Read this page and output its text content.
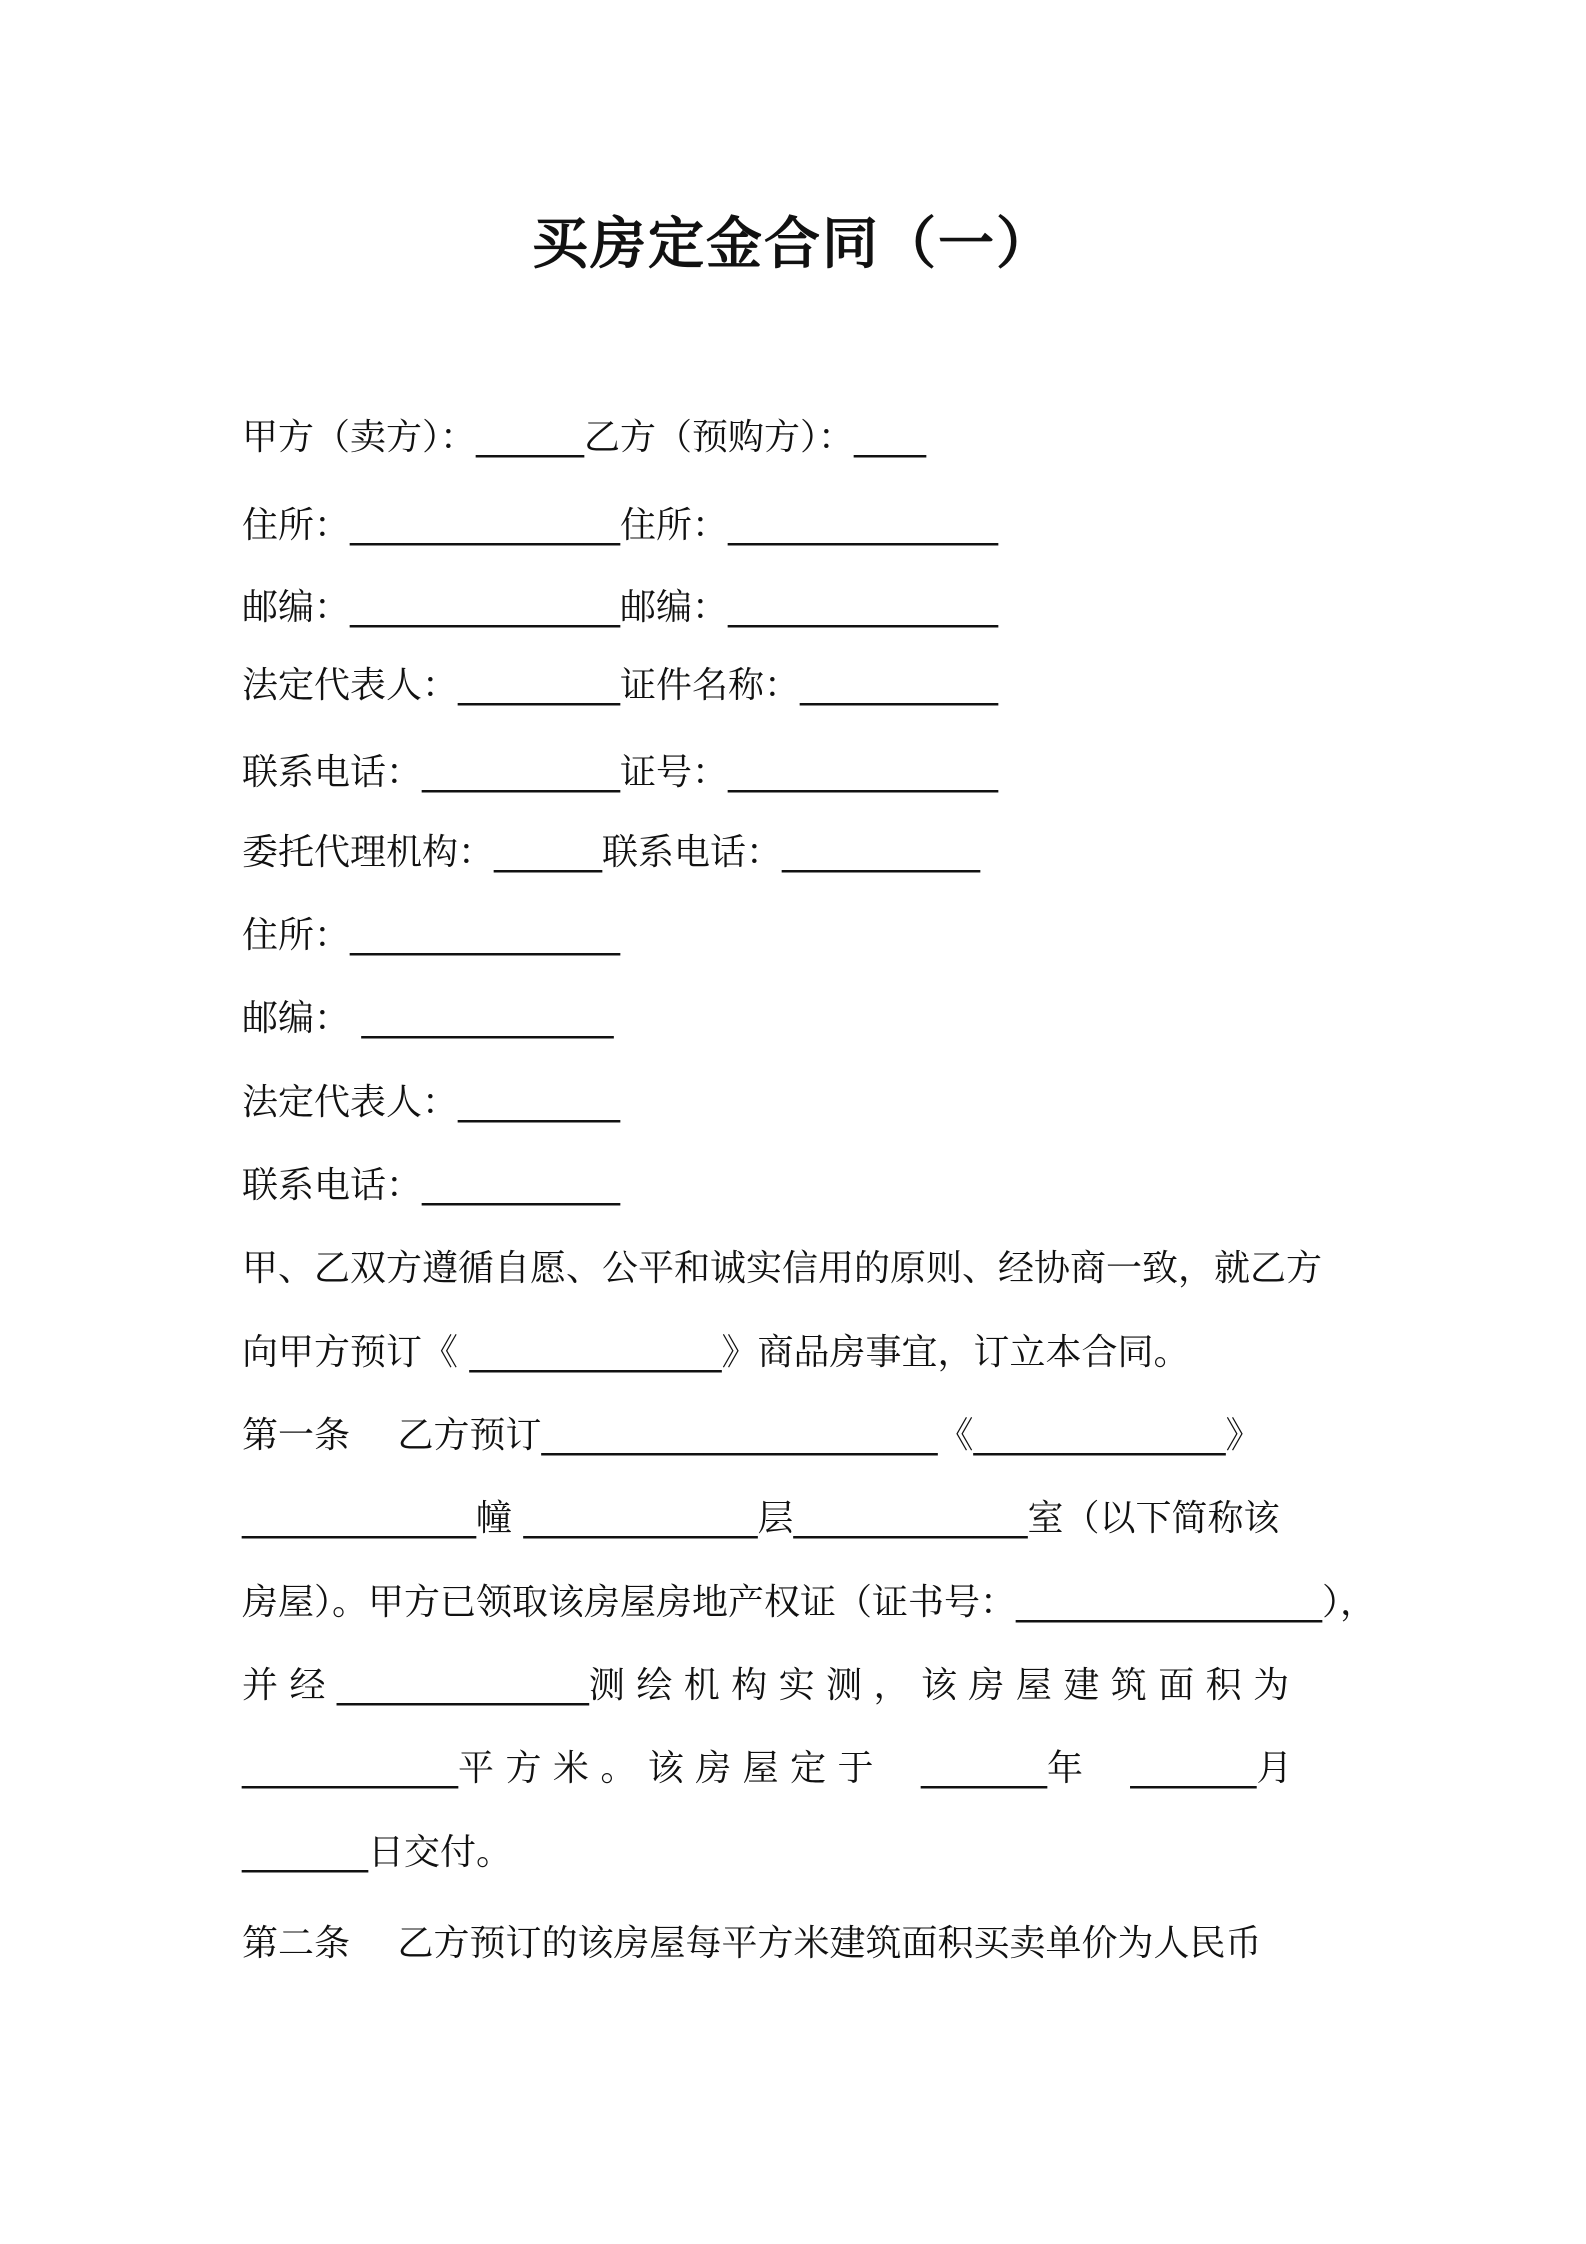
买房定金合同（一）
甲方（卖方）：______乙方（预购方）：____
住所：_______________住所：_______________
邮编：_______________邮编：_______________
法定代表人：_________证件名称：___________
联系电话：___________证号：_______________
委托代理机构：______联系电话：___________
住所：_______________
邮编： ______________
法定代表人：_________
联系电话：___________
甲、乙双方遵循自愿、公平和诚实信用的原则、经协商一致，就乙方
向甲方预订《 ______________》商品房事宜，订立本合同。
第一条　 乙方预订______________________《______________》
_____________幢 _____________层_____________室（以下简称该
房屋）。甲方已领取该房屋房地产权证（证书号：_________________），
并 经 ______________测 绘 机 构 实 测 ， 该 房 屋 建 筑 面 积 为
____________平 方 米 。 该 房 屋 定 于　 _______年　 _______月
_______日交付。
第二条　 乙方预订的该房屋每平方米建筑面积买卖单价为人民币
